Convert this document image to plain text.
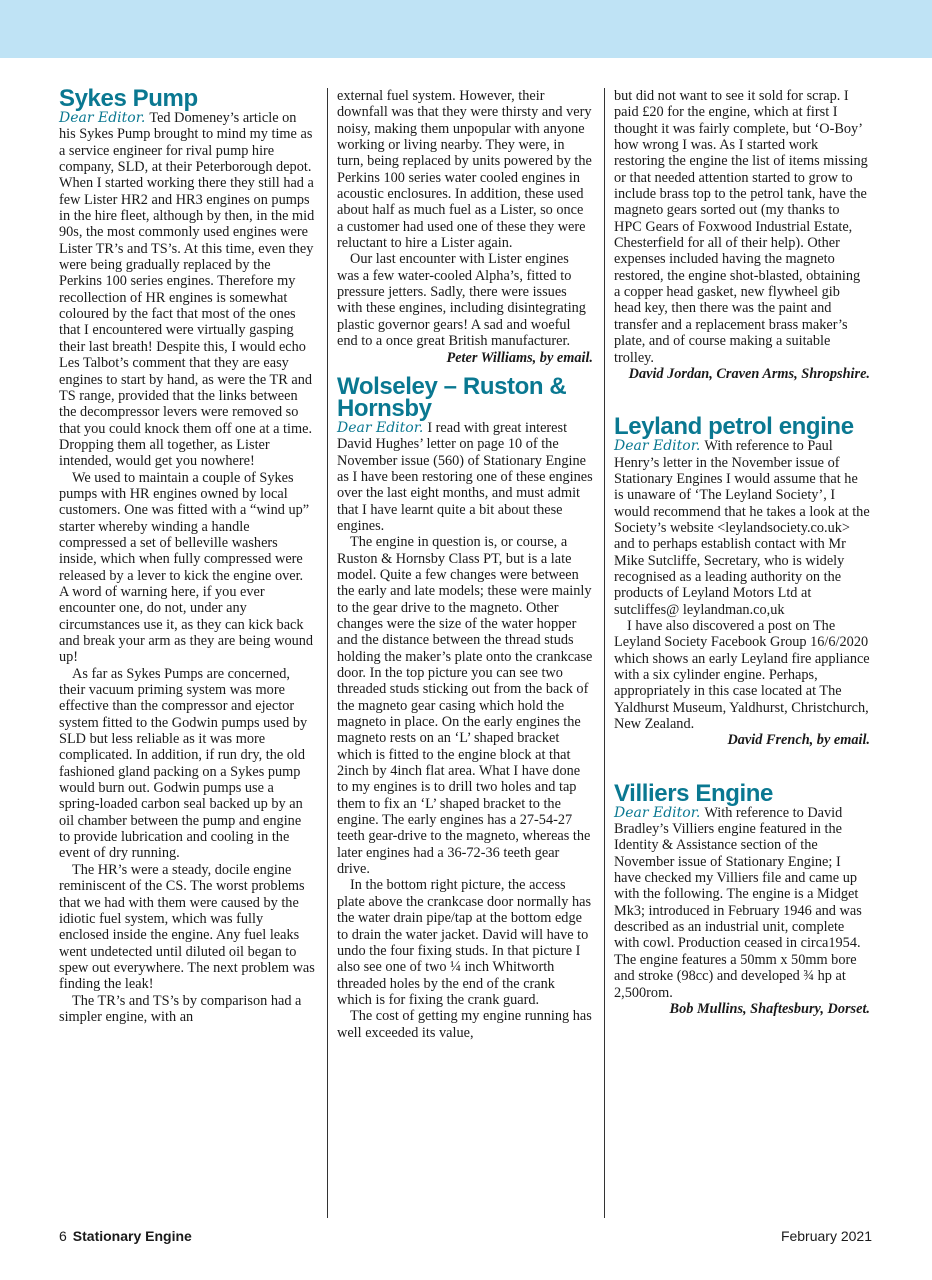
Sykes Pump

Dear Editor. Ted Domeney’s article on his Sykes Pump brought to mind my time as a service engineer for rival pump hire company, SLD, at their Peterborough depot. When I started working there they still had a few Lister HR2 and HR3 engines on pumps in the hire fleet, although by then, in the mid 90s, the most commonly used engines were Lister TR’s and TS’s. At this time, even they were being gradually replaced by the Perkins 100 series engines. Therefore my recollection of HR engines is somewhat coloured by the fact that most of the ones that I encountered were virtually gasping their last breath! Despite this, I would echo Les Talbot’s comment that they are easy engines to start by hand, as were the TR and TS range, provided that the links between the decompressor levers were removed so that you could knock them off one at a time. Dropping them all together, as Lister intended, would get you nowhere!

We used to maintain a couple of Sykes pumps with HR engines owned by local customers. One was fitted with a “wind up” starter whereby winding a handle compressed a set of belleville washers inside, which when fully compressed were released by a lever to kick the engine over. A word of warning here, if you ever encounter one, do not, under any circumstances use it, as they can kick back and break your arm as they are being wound up!

As far as Sykes Pumps are concerned, their vacuum priming system was more effective than the compressor and ejector system fitted to the Godwin pumps used by SLD but less reliable as it was more complicated. In addition, if run dry, the old fashioned gland packing on a Sykes pump would burn out. Godwin pumps use a spring-loaded carbon seal backed up by an oil chamber between the pump and engine to provide lubrication and cooling in the event of dry running.

The HR’s were a steady, docile engine reminiscent of the CS. The worst problems that we had with them were caused by the idiotic fuel system, which was fully enclosed inside the engine. Any fuel leaks went undetected until diluted oil began to spew out everywhere. The next problem was finding the leak!

The TR’s and TS’s by comparison had a simpler engine, with an

external fuel system. However, their downfall was that they were thirsty and very noisy, making them unpopular with anyone working or living nearby. They were, in turn, being replaced by units powered by the Perkins 100 series water cooled engines in acoustic enclosures. In addition, these used about half as much fuel as a Lister, so once a customer had used one of these they were reluctant to hire a Lister again.

Our last encounter with Lister engines was a few water-cooled Alpha’s, fitted to pressure jetters. Sadly, there were issues with these engines, including disintegrating plastic governor gears! A sad and woeful end to a once great British manufacturer.

Peter Williams, by email.

Wolseley – Ruston & Hornsby

Dear Editor. I read with great interest David Hughes’ letter on page 10 of the November issue (560) of Stationary Engine as I have been restoring one of these engines over the last eight months, and must admit that I have learnt quite a bit about these engines.

The engine in question is, or course, a Ruston & Hornsby Class PT, but is a late model. Quite a few changes were between the early and late models; these were mainly to the gear drive to the magneto. Other changes were the size of the water hopper and the distance between the thread studs holding the maker’s plate onto the crankcase door. In the top picture you can see two threaded studs sticking out from the back of the magneto gear casing which hold the magneto in place. On the early engines the magneto rests on an ‘L’ shaped bracket which is fitted to the engine block at that 2inch by 4inch flat area. What I have done to my engines is to drill two holes and tap them to fix an ‘L’ shaped bracket to the engine. The early engines has a 27-54-27 teeth gear-drive to the magneto, whereas the later engines had a 36-72-36 teeth gear drive.

In the bottom right picture, the access plate above the crankcase door normally has the water drain pipe/tap at the bottom edge to drain the water jacket. David will have to undo the four fixing studs. In that picture I also see one of two ¼ inch Whitworth threaded holes by the end of the crank which is for fixing the crank guard.

The cost of getting my engine running has well exceeded its value,

but did not want to see it sold for scrap. I paid £20 for the engine, which at first I thought it was fairly complete, but ‘O-Boy’ how wrong I was. As I started work restoring the engine the list of items missing or that needed attention started to grow to include brass top to the petrol tank, have the magneto gears sorted out (my thanks to HPC Gears of Foxwood Industrial Estate, Chesterfield for all of their help). Other expenses included having the magneto restored, the engine shot-blasted, obtaining a copper head gasket, new flywheel gib head key, then there was the paint and transfer and a replacement brass maker’s plate, and of course making a suitable trolley.

David Jordan, Craven Arms, Shropshire.

Leyland petrol engine

Dear Editor. With reference to Paul Henry’s letter in the November issue of Stationary Engines I would assume that he is unaware of ‘The Leyland Society’, I would recommend that he takes a look at the Society’s website <leylandsociety.co.uk> and to perhaps establish contact with Mr Mike Sutcliffe, Secretary, who is widely recognised as a leading authority on the products of Leyland Motors Ltd at sutcliffes@ leylandman.co,uk

I have also discovered a post on The Leyland Society Facebook Group 16/6/2020 which shows an early Leyland fire appliance with a six cylinder engine. Perhaps, appropriately in this case located at The Yaldhurst Museum, Yaldhurst, Christchurch, New Zealand.

David French, by email.

Villiers Engine

Dear Editor. With reference to David Bradley’s Villiers engine featured in the Identity & Assistance section of the November issue of Stationary Engine; I have checked my Villiers file and came up with the following. The engine is a Midget Mk3; introduced in February 1946 and was described as an industrial unit, complete with cowl. Production ceased in circa1954. The engine features a 50mm x 50mm bore and stroke (98cc) and developed ¾ hp at 2,500rom.

Bob Mullins, Shaftesbury, Dorset.

6 Stationary Engine	February 2021
